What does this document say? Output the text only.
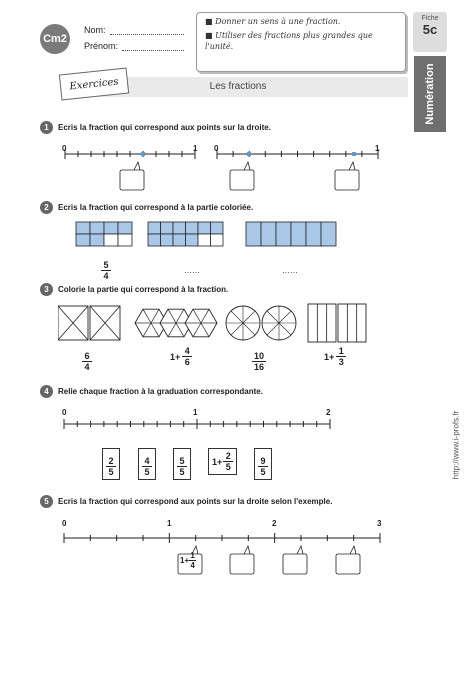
Cm2
Nom:
Prénom:
■ Donner un sens à une fraction.
■ Utiliser des fractions plus grandes que l'unité.
Fiche
5c
Numération
Les fractions
Exercices
1 Ecris la fraction qui correspond aux points sur la droite.
0	1 0	1
2 Ecris la fraction qui correspond à la partie coloriée.
5
4
……	……
3 Colorie la partie qui correspond à la fraction.
$\frac{6}{4}$	$1+ \frac{4}{6}$	$\frac{10}{16}$	$1+ \frac{1}{3}$
4 Relie chaque fraction à la graduation correspondante.
0	1	2
$\frac{2}{5}$	$\frac{4}{5}$	$\frac{5}{5}$	$1+ \frac{2}{5}$	$\frac{9}{5}$
5 Ecris la fraction qui correspond aux points sur la droite selon l'exemple.
0	1	2	3
$1+ \frac{1}{4}$
http://www.i-profs.fr
